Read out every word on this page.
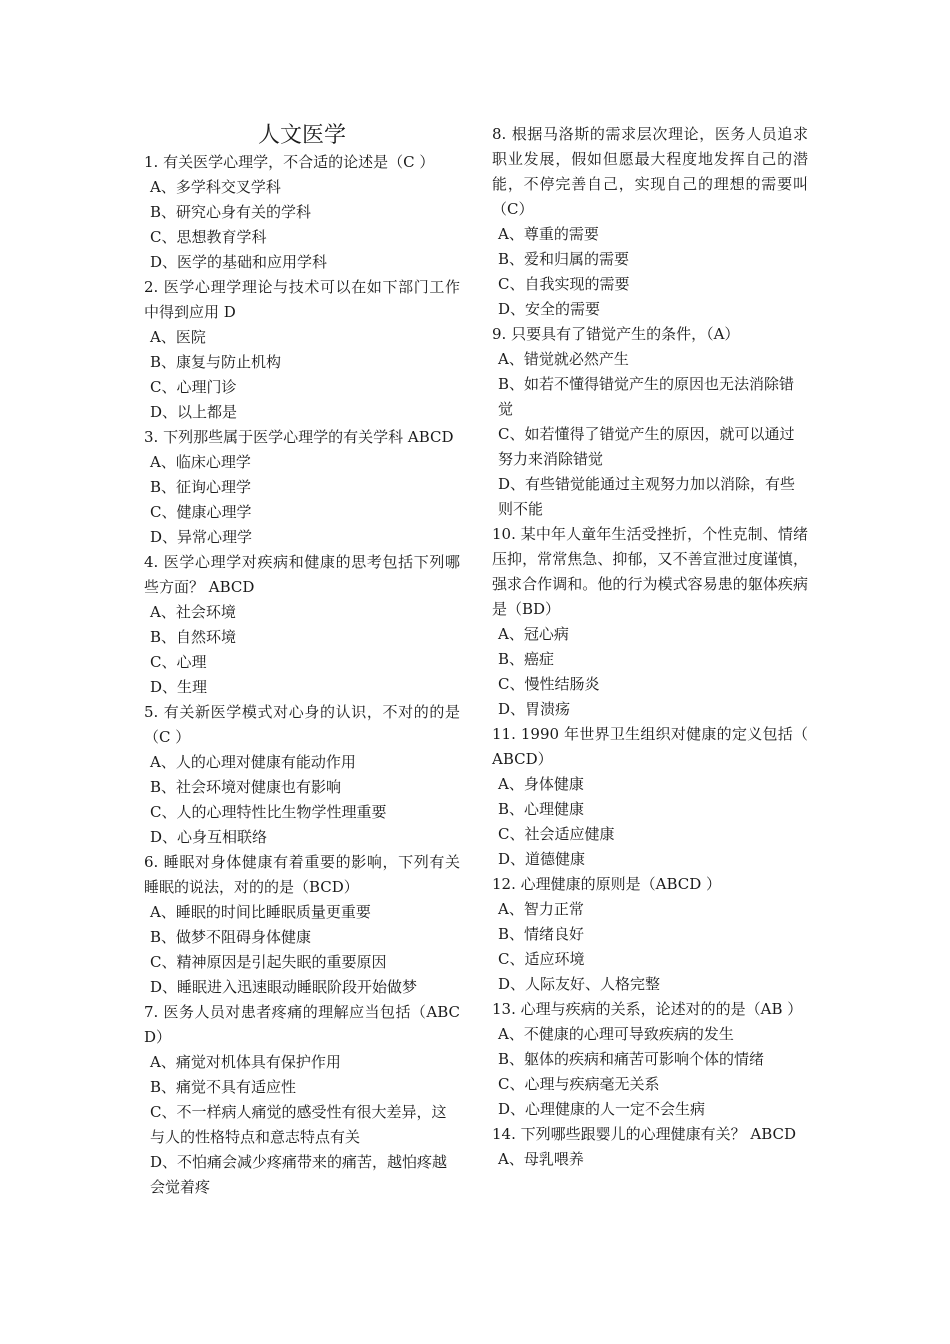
人文医学

1. 有关医学心理学，不合适的论述是（C ）

A、多学科交叉学科

B、研究心身有关的学科

C、思想教育学科

D、医学的基础和应用学科

2. 医学心理学理论与技术可以在如下部门工作中得到应用 D

A、医院

B、康复与防止机构

C、心理门诊

D、以上都是

3. 下列那些属于医学心理学的有关学科 ABCD

A、临床心理学

B、征询心理学

C、健康心理学

D、异常心理学

4. 医学心理学对疾病和健康的思考包括下列哪些方面？ ABCD

A、社会环境

B、自然环境

C、心理

D、生理

5. 有关新医学模式对心身的认识，不对的的是（C ）

A、人的心理对健康有能动作用

B、社会环境对健康也有影响

C、人的心理特性比生物学性理重要

D、心身互相联络

6. 睡眠对身体健康有着重要的影响，下列有关睡眠的说法，对的的是（BCD）

A、睡眠的时间比睡眠质量更重要

B、做梦不阻碍身体健康

C、精神原因是引起失眠的重要原因

D、睡眠进入迅速眼动睡眠阶段开始做梦

7. 医务人员对患者疼痛的理解应当包括（ABCD）

A、痛觉对机体具有保护作用

B、痛觉不具有适应性

C、不一样病人痛觉的感受性有很大差异，这与人的性格特点和意志特点有关

D、不怕痛会减少疼痛带来的痛苦，越怕疼越会觉着疼

8. 根据马洛斯的需求层次理论，医务人员追求职业发展，假如但愿最大程度地发挥自己的潜能，不停完善自己，实现自己的理想的需要叫（C）

A、尊重的需要

B、爱和归属的需要

C、自我实现的需要

D、安全的需要

9. 只要具有了错觉产生的条件，（A）

A、错觉就必然产生

B、如若不懂得错觉产生的原因也无法消除错觉

C、如若懂得了错觉产生的原因，就可以通过努力来消除错觉

D、有些错觉能通过主观努力加以消除，有些则不能

10. 某中年人童年生活受挫折，个性克制、情绪压抑，常常焦急、抑郁，又不善宣泄过度谨慎，强求合作调和。他的行为模式容易患的躯体疾病是（BD）

A、冠心病

B、癌症

C、慢性结肠炎

D、胃溃疡

11. 1990 年世界卫生组织对健康的定义包括（ ABCD）

A、身体健康

B、心理健康

C、社会适应健康

D、道德健康

12. 心理健康的原则是（ABCD ）

A、智力正常

B、情绪良好

C、适应环境

D、人际友好、人格完整

13. 心理与疾病的关系，论述对的的是（AB ）

A、不健康的心理可导致疾病的发生

B、躯体的疾病和痛苦可影响个体的情绪

C、心理与疾病毫无关系

D、心理健康的人一定不会生病

14. 下列哪些跟婴儿的心理健康有关？ ABCD

A、母乳喂养
